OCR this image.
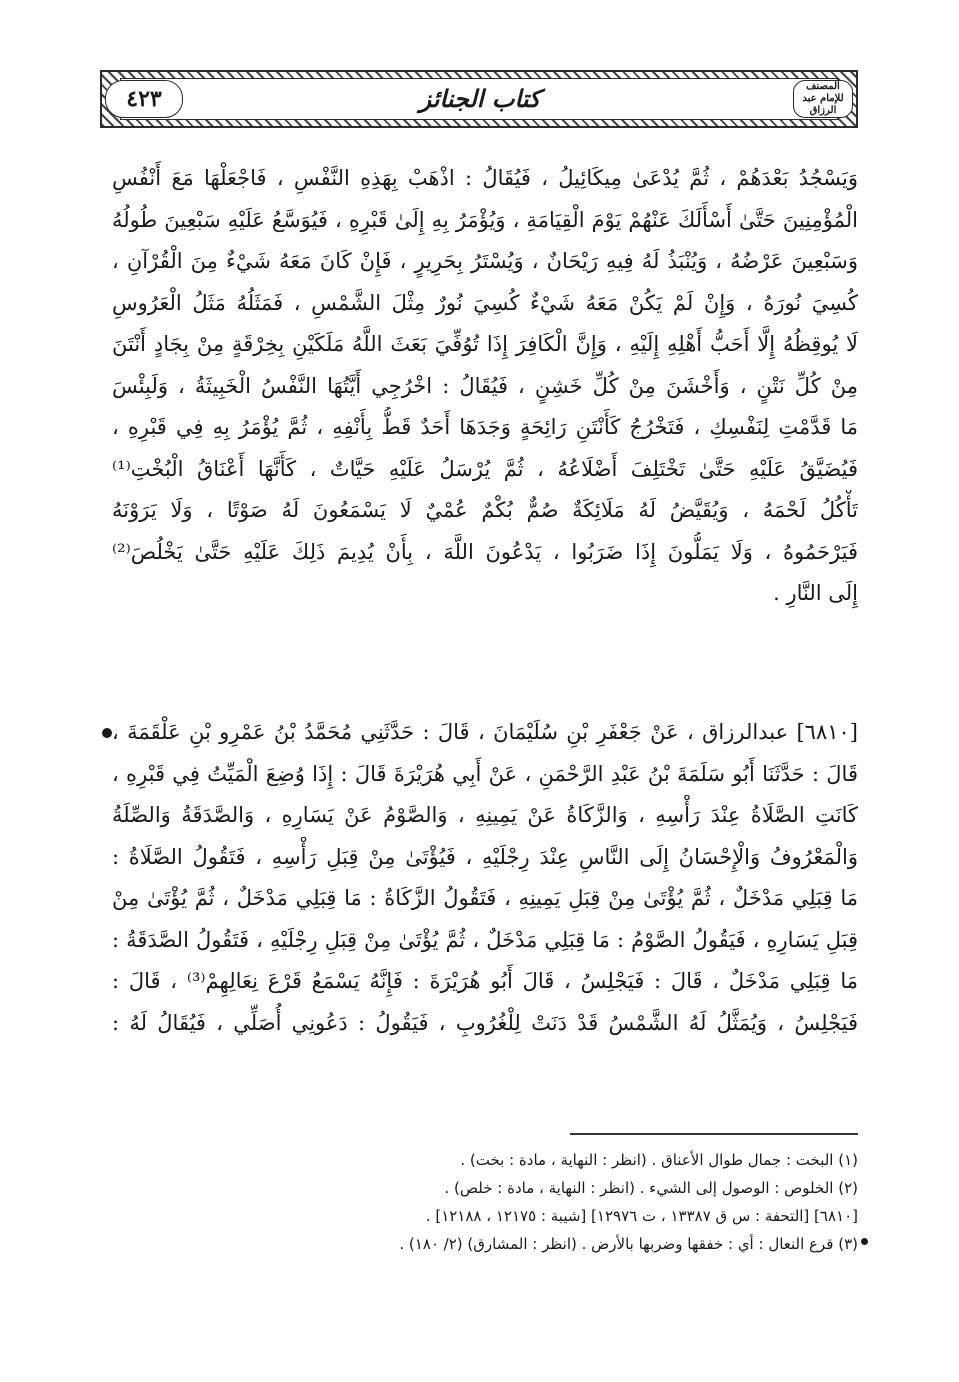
٤٢٣	كتاب الجنائز	المصنف
للإمام عبد الرزاق
وَيَسْجُدُ بَعْدَهُمْ ، ثُمَّ يُدْعَىٰ مِيكَائِيلُ ، فَيُقَالُ : اذْهَبْ بِهَذِهِ النَّفْسِ ، فَاجْعَلْهَا مَعَ أَنْفُسِ
الْمُؤْمِنِينَ حَتَّىٰ أَسْأَلَكَ عَنْهُمْ يَوْمَ الْقِيَامَةِ ، وَيُؤْمَرُ بِهِ إِلَىٰ قَبْرِهِ ، فَيُوَسَّعُ عَلَيْهِ سَبْعِينَ طُولُهُ
وَسَبْعِينَ عَرْضُهُ ، وَيُنْبَذُ لَهُ فِيهِ رَيْحَانٌ ، وَيُسْتَرُ بِحَرِيرٍ ، فَإِنْ كَانَ مَعَهُ شَيْءٌ مِنَ الْقُرْآنِ ،
كُسِيَ نُورَهُ ، وَإِنْ لَمْ يَكُنْ مَعَهُ شَيْءٌ كُسِيَ نُورٌ مِثْلَ الشَّمْسِ ، فَمَثَلُهُ مَثَلُ الْعَرُوسِ
لَا يُوقِظُهُ إِلَّا أَحَبُّ أَهْلِهِ إِلَيْهِ ، وَإِنَّ الْكَافِرَ إِذَا تُوُفِّيَ بَعَثَ اللَّهُ مَلَكَيْنِ بِخِرْقَةٍ مِنْ بِجَادٍ أَنْتَنَ
مِنْ كُلِّ نَتْنٍ ، وَأَخْشَنَ مِنْ كُلِّ خَشِنٍ ، فَيُقَالُ : اخْرُجِي أَيَّتُهَا النَّفْسُ الْخَبِيثَةُ ، وَلَبِئْسَ
مَا قَدَّمْتِ لِنَفْسِكِ ، فَتَخْرُجُ كَأَنْتَنِ رَائِحَةٍ وَجَدَهَا أَحَدٌ قَطُّ بِأَنْفِهِ ، ثُمَّ يُؤْمَرُ بِهِ فِي قَبْرِهِ ،
فَيُضَيَّقُ عَلَيْهِ حَتَّىٰ تَخْتَلِفَ أَضْلَاعُهُ ، ثُمَّ يُرْسَلُ عَلَيْهِ حَيَّاتٌ ، كَأَنَّهَا أَعْنَاقُ الْبُخْتِ⁽¹⁾
تَأْكُلُ لَحْمَهُ ، وَيُقَيَّضُ لَهُ مَلَائِكَةٌ صُمٌّ بُكْمٌ عُمْيٌ لَا يَسْمَعُونَ لَهُ صَوْتًا ، وَلَا يَرَوْنَهُ
فَيَرْحَمُوهُ ، وَلَا يَمَلُّونَ إِذَا ضَرَبُوا ، يَدْعُونَ اللَّهَ ، بِأَنْ يُدِيمَ ذَلِكَ عَلَيْهِ حَتَّىٰ يَخْلُصَ⁽²⁾
إِلَى النَّارِ .
[٦٨١٠] عبدالرزاق ، عَنْ جَعْفَرِ بْنِ سُلَيْمَانَ ، قَالَ : حَدَّثَنِي مُحَمَّدُ بْنُ عَمْرِو بْنِ عَلْقَمَةَ ،
قَالَ : حَدَّثَنَا أَبُو سَلَمَةَ بْنُ عَبْدِ الرَّحْمَنِ ، عَنْ أَبِي هُرَيْرَةَ قَالَ : إِذَا وُضِعَ الْمَيِّتُ فِي قَبْرِهِ ،
كَانَتِ الصَّلَاةُ عِنْدَ رَأْسِهِ ، وَالزَّكَاةُ عَنْ يَمِينِهِ ، وَالصَّوْمُ عَنْ يَسَارِهِ ، وَالصَّدَقَةُ وَالصِّلَةُ
وَالْمَعْرُوفُ وَالْإِحْسَانُ إِلَى النَّاسِ عِنْدَ رِجْلَيْهِ ، فَيُؤْتَىٰ مِنْ قِبَلِ رَأْسِهِ ، فَتَقُولُ الصَّلَاةُ :
مَا قِبَلِي مَدْخَلٌ ، ثُمَّ يُؤْتَىٰ مِنْ قِبَلِ يَمِينِهِ ، فَتَقُولُ الزَّكَاةُ : مَا قِبَلِي مَدْخَلٌ ، ثُمَّ يُؤْتَىٰ مِنْ
قِبَلِ يَسَارِهِ ، فَيَقُولُ الصَّوْمُ : مَا قِبَلِي مَدْخَلٌ ، ثُمَّ يُؤْتَىٰ مِنْ قِبَلِ رِجْلَيْهِ ، فَتَقُولُ الصَّدَقَةُ :
مَا قِبَلِي مَدْخَلٌ ، قَالَ : فَيَجْلِسُ ، قَالَ أَبُو هُرَيْرَةَ : فَإِنَّهُ يَسْمَعُ قَرْعَ نِعَالِهِمْ⁽³⁾ ، قَالَ :
فَيَجْلِسُ ، وَيُمَثَّلُ لَهُ الشَّمْسُ قَدْ دَنَتْ لِلْغُرُوبِ ، فَيَقُولُ : دَعُونِي أُصَلِّي ، فَيُقَالُ لَهُ :
(١) البخت : جمال طوال الأعناق . (انظر : النهاية ، مادة : بخت) .
(٢) الخلوص : الوصول إلى الشيء . (انظر : النهاية ، مادة : خلص) .
[٦٨١٠] [التحفة : س ق ١٣٣٨٧ ، ت ١٢٩٧٦] [شيبة : ١٢١٧٥ ، ١٢١٨٨] .
(٣) قرع النعال : أي : خفقها وضربها بالأرض . (انظر : المشارق) (٢/ ١٨٠) .
